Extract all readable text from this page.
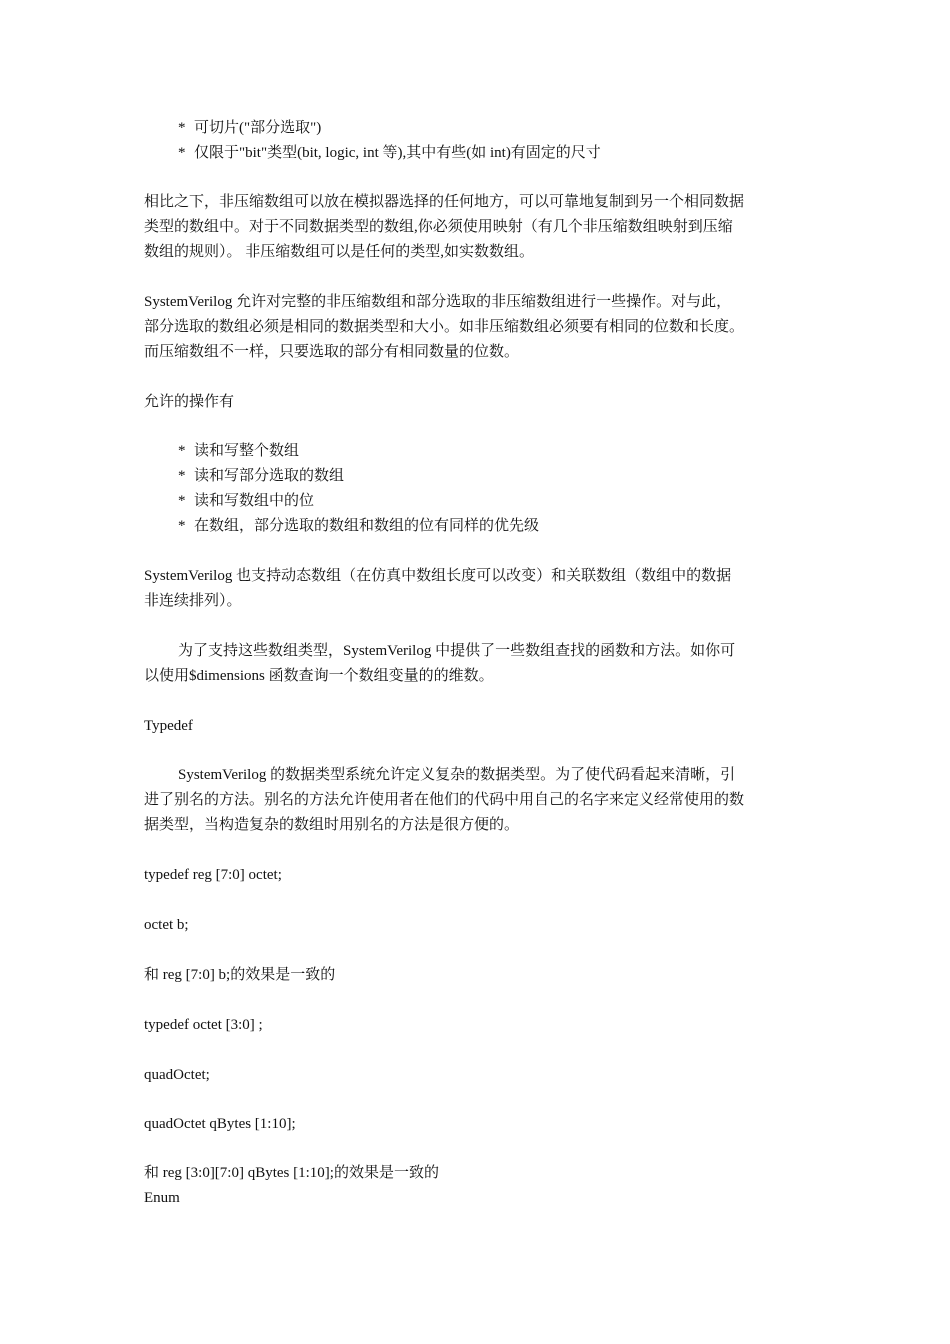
* 可切片("部分选取")
* 仅限于"bit"类型(bit, logic, int 等),其中有些(如 int)有固定的尺寸
相比之下，非压缩数组可以放在模拟器选择的任何地方，可以可靠地复制到另一个相同数据
类型的数组中。对于不同数据类型的数组,你必须使用映射（有几个非压缩数组映射到压缩
数组的规则）。 非压缩数组可以是任何的类型,如实数数组。
SystemVerilog 允许对完整的非压缩数组和部分选取的非压缩数组进行一些操作。对与此，
部分选取的数组必须是相同的数据类型和大小。如非压缩数组必须要有相同的位数和长度。
而压缩数组不一样，只要选取的部分有相同数量的位数。
允许的操作有
* 读和写整个数组
* 读和写部分选取的数组
* 读和写数组中的位
* 在数组，部分选取的数组和数组的位有同样的优先级
SystemVerilog 也支持动态数组（在仿真中数组长度可以改变）和关联数组（数组中的数据
非连续排列）。
为了支持这些数组类型，SystemVerilog 中提供了一些数组查找的函数和方法。如你可
以使用$dimensions 函数查询一个数组变量的的维数。
Typedef
SystemVerilog 的数据类型系统允许定义复杂的数据类型。为了使代码看起来清晰，引
进了别名的方法。别名的方法允许使用者在他们的代码中用自己的名字来定义经常使用的数
据类型，当构造复杂的数组时用别名的方法是很方便的。
typedef reg [7:0] octet;
octet b;
和 reg [7:0] b;的效果是一致的
typedef octet [3:0] ;
quadOctet;
quadOctet qBytes [1:10];
和 reg [3:0][7:0] qBytes [1:10];的效果是一致的
Enum
